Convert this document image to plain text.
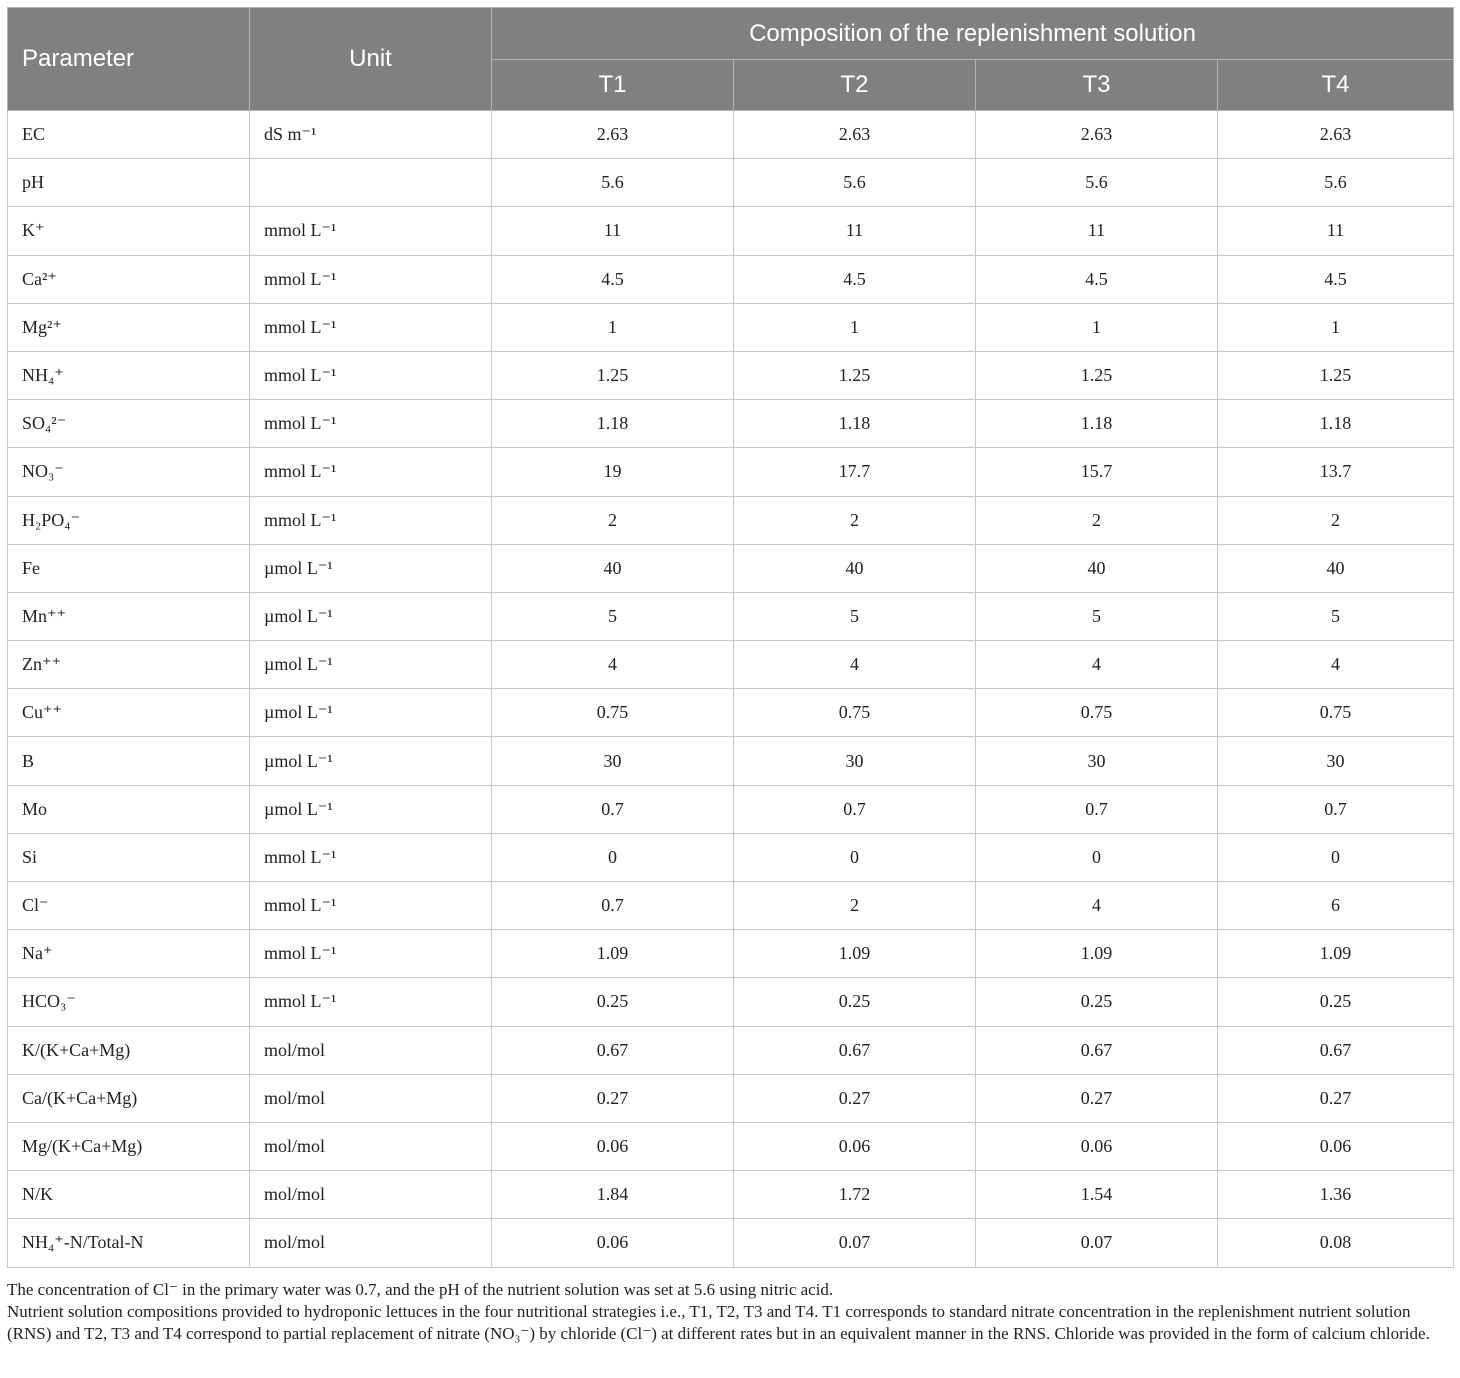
Parameter	Unit	Composition of the replenishment solution			
		T1	T2	T3	T4
EC	dS m⁻¹	2.63	2.63	2.63	2.63
pH		5.6	5.6	5.6	5.6
K⁺	mmol L⁻¹	11	11	11	11
Ca²⁺	mmol L⁻¹	4.5	4.5	4.5	4.5
Mg²⁺	mmol L⁻¹	1	1	1	1
NH₄⁺	mmol L⁻¹	1.25	1.25	1.25	1.25
SO₄²⁻	mmol L⁻¹	1.18	1.18	1.18	1.18
NO₃⁻	mmol L⁻¹	19	17.7	15.7	13.7
H₂PO₄⁻	mmol L⁻¹	2	2	2	2
Fe	µmol L⁻¹	40	40	40	40
Mn⁺⁺	µmol L⁻¹	5	5	5	5
Zn⁺⁺	µmol L⁻¹	4	4	4	4
Cu⁺⁺	µmol L⁻¹	0.75	0.75	0.75	0.75
B	µmol L⁻¹	30	30	30	30
Mo	µmol L⁻¹	0.7	0.7	0.7	0.7
Si	mmol L⁻¹	0	0	0	0
Cl⁻	mmol L⁻¹	0.7	2	4	6
Na⁺	mmol L⁻¹	1.09	1.09	1.09	1.09
HCO₃⁻	mmol L⁻¹	0.25	0.25	0.25	0.25
K/(K+Ca+Mg)	mol/mol	0.67	0.67	0.67	0.67
Ca/(K+Ca+Mg)	mol/mol	0.27	0.27	0.27	0.27
Mg/(K+Ca+Mg)	mol/mol	0.06	0.06	0.06	0.06
N/K	mol/mol	1.84	1.72	1.54	1.36
NH₄⁺-N/Total-N	mol/mol	0.06	0.07	0.07	0.08

The concentration of Cl⁻ in the primary water was 0.7, and the pH of the nutrient solution was set at 5.6 using nitric acid.

Nutrient solution compositions provided to hydroponic lettuces in the four nutritional strategies i.e., T1, T2, T3 and T4. T1 corresponds to standard nitrate concentration in the replenishment nutrient solution (RNS) and T2, T3 and T4 correspond to partial replacement of nitrate (NO₃⁻) by chloride (Cl⁻) at different rates but in an equivalent manner in the RNS. Chloride was provided in the form of calcium chloride.
